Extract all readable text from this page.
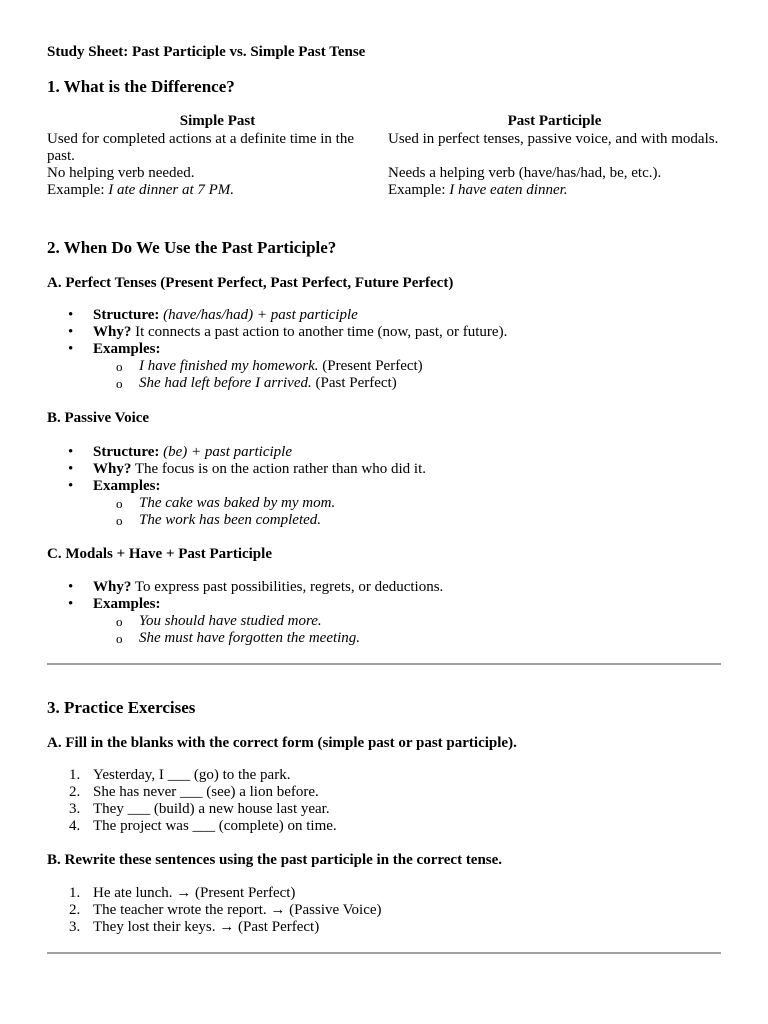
Study Sheet: Past Participle vs. Simple Past Tense
1. What is the Difference?
Simple Past	Past Participle
Used for completed actions at a definite time in the past.	Used in perfect tenses, passive voice, and with modals.
No helping verb needed.	Needs a helping verb (have/has/had, be, etc.).
Example: I ate dinner at 7 PM.	Example: I have eaten dinner.
2. When Do We Use the Past Participle?
A. Perfect Tenses (Present Perfect, Past Perfect, Future Perfect)
• Structure: (have/has/had) + past participle
• Why? It connects a past action to another time (now, past, or future).
• Examples:
o I have finished my homework. (Present Perfect)
o She had left before I arrived. (Past Perfect)
B. Passive Voice
• Structure: (be) + past participle
• Why? The focus is on the action rather than who did it.
• Examples:
o The cake was baked by my mom.
o The work has been completed.
C. Modals + Have + Past Participle
• Why? To express past possibilities, regrets, or deductions.
• Examples:
o You should have studied more.
o She must have forgotten the meeting.
3. Practice Exercises
A. Fill in the blanks with the correct form (simple past or past participle).
1. Yesterday, I ___ (go) to the park.
2. She has never ___ (see) a lion before.
3. They ___ (build) a new house last year.
4. The project was ___ (complete) on time.
B. Rewrite these sentences using the past participle in the correct tense.
1. He ate lunch. → (Present Perfect)
2. The teacher wrote the report. → (Passive Voice)
3. They lost their keys. → (Past Perfect)
